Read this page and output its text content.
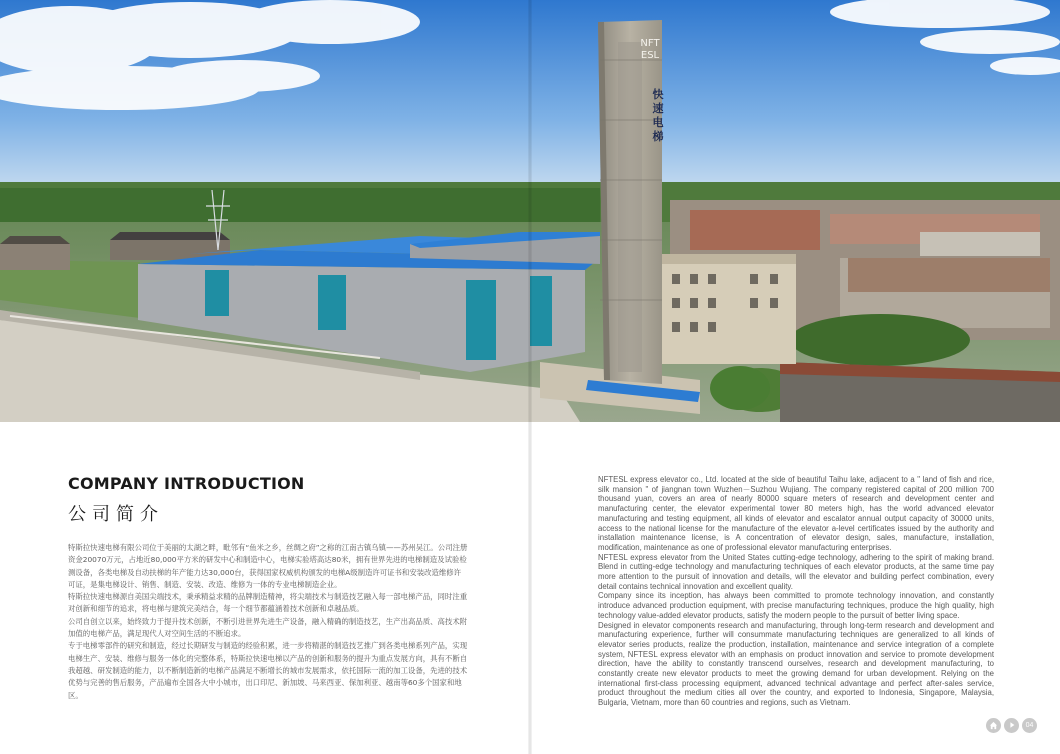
NFTESL
快速电梯
COMPANY INTRODUCTION
公司简介

特斯拉快速电梯有限公司位于美丽的太湖之畔，毗邻有“鱼米之乡，丝绸之府”之称的江南古镇乌镇——苏州吴江。公司注册资金20070万元，占地近80,000平方米的研发中心和制造中心，电梯实验塔高达80米，拥有世界先进的电梯制造及试验检测设备，各类电梯及自动扶梯的年产能力达30,000台，获得国家权威机构颁发的电梯A级制造许可证书和安装改造维修许可证，是集电梯设计、销售、制造、安装、改造、维修为一体的专业电梯制造企业。

特斯拉快速电梯源自美国尖端技术，秉承精益求精的品牌制造精神，将尖端技术与制造技艺融入每一部电梯产品，同时注重对创新和细节的追求，将电梯与建筑完美结合，每一个细节都蕴涵着技术创新和卓越品质。

公司自创立以来，始终致力于提升技术创新，不断引进世界先进生产设备，融入精确的制造技艺，生产出高品质、高技术附加值的电梯产品，满足现代人对空间生活的不断追求。

专于电梯零部件的研究和制造，经过长期研发与制造的经验积累，进一步将精湛的制造技艺推广到各类电梯系列产品，实现电梯生产、安装、维修与服务一体化的完整体系，特斯拉快速电梯以产品的创新和服务的提升为重点发展方向，具有不断自我超越、研发制造的能力，以不断制造新的电梯产品满足不断增长的城市发展需求，依托国际一流的加工设备，先进的技术优势与完善的售后服务，产品遍布全国各大中小城市，出口印尼、新加坡、马来西亚、保加利亚、越南等60多个国家和地区。

NFTESL express elevator co., Ltd. located at the side of beautiful Taihu lake, adjacent to a " land of fish and rice, silk mansion " of jiangnan town Wuzhen－Suzhou Wujiang. The company registered capital of 200 million 700 thousand yuan, covers an area of nearly 80000 square meters of research and development center and manufacturing center, the elevator experimental tower 80 meters high, has the world advanced elevator manufacturing and testing equipment, all kinds of elevator and escalator annual output capacity of 30000 units, access to the national license for the manufacture of the elevator a-level certificates issued by the authority and installation maintenance license, is A concentration of elevator design, sales, manufacture, installation, modification, maintenance as one of professional elevator manufacturing enterprises.

NFTESL express elevator from the United States cutting-edge technology, adhering to the spirit of making brand. Blend in cutting-edge technology and manufacturing techniques of each elevator products, at the same time pay more attention to the pursuit of innovation and details, will the elevator and building perfect combination, every detail contains technical innovation and excellent quality.

Company since its inception, has always been committed to promote technology innovation, and constantly introduce advanced production equipment, with precise manufacturing techniques, produce the high quality, high technology value-added elevator products, satisfy the modern people to the pursuit of better living space.

Designed in elevator components research and manufacturing, through long-term research and development and manufacturing experience, further will consummate manufacturing techniques are generalized to all kinds of elevator series products, realize the production, installation, maintenance and service integration of a complete system, NFTESL express elevator with an emphasis on product innovation and service to promote development direction, have the ability to constantly transcend ourselves, research and development manufacturing, to constantly create new elevator products to meet the growing demand for urban development. Relying on the international first-class processing equipment, advanced technical advantage and perfect after-sales service, product throughout the medium cities all over the country, and exported to Indonesia, Singapore, Malaysia, Bulgaria, Vietnam, more than 60 countries and regions, such as Vietnam.

04
